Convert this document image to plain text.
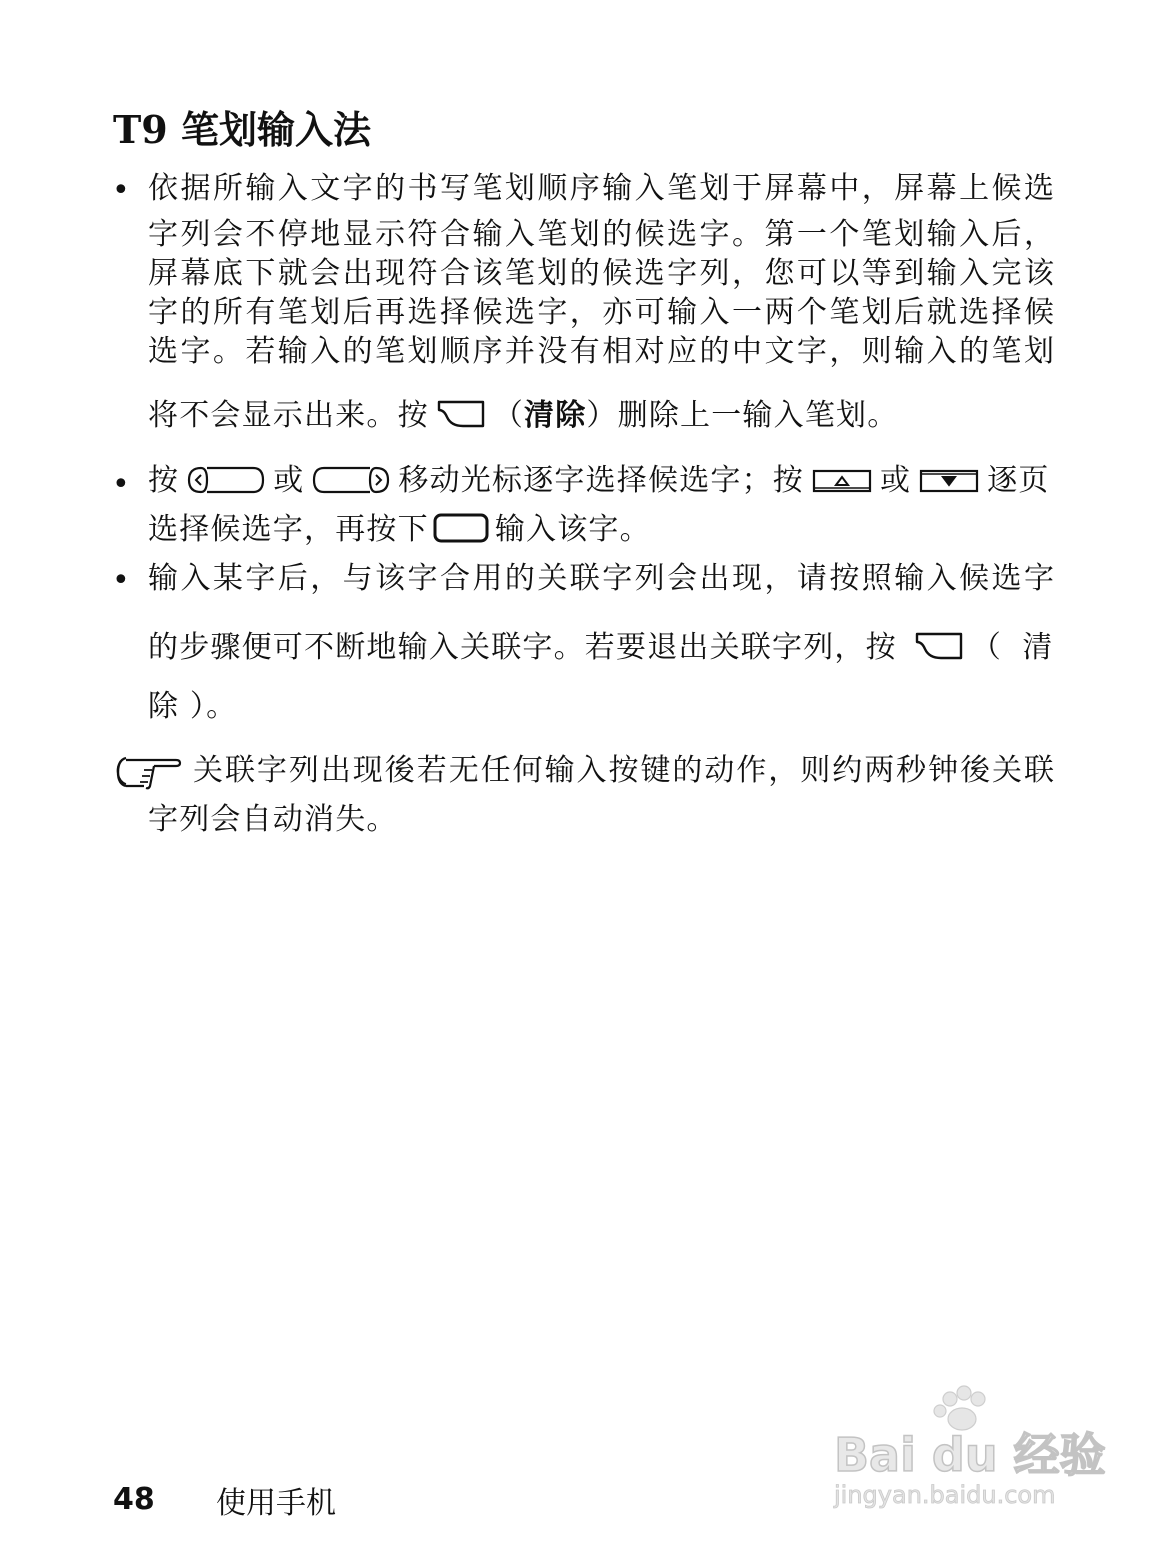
T9 笔划输入法
• 依据所输入文字的书写笔划顺序输入笔划于屏幕中，屏幕上候选
字列会不停地显示符合输入笔划的候选字。第一个笔划输入后，
屏幕底下就会出现符合该笔划的候选字列，您可以等到输入完该
字的所有笔划后再选择候选字，亦可输入一两个笔划后就选择候
选字。若输入的笔划顺序并没有相对应的中文字，则输入的笔划
将不会显示出来。按 （清除）删除上一输入笔划。
• 按	或	移动光标逐字选择候选字；按	或	逐页
选择候选字，再按下 输入该字。
• 输入某字后，与该字合用的关联字列会出现，请按照输入候选字
的步骤便可不断地输入关联字。若要退出关联字列，按 （ 清
除 ）。
关联字列出现後若无任何输入按键的动作，则约两秒钟後关联
字列会自动消失。
48 使用手机
Bai du 经验
jingyan.baidu.com
